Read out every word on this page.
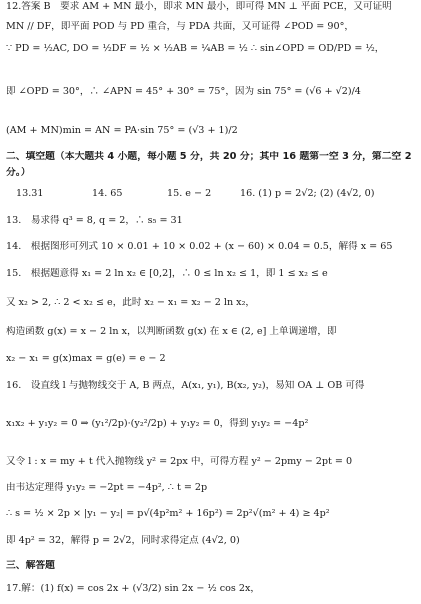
12.答案 B　要求 AM + MN 最小，即求 MN 最小，即可得 MN ⊥ 平面 PCE，又可证明
MN // DF，即平面 POD 与 PD 重合，与 PDA 共面，又可证得 ∠POD = 90°，
∵ PD = ½AC, DO = ½DF = ½ × ½AB = ¼AB = ½ ∴ sin∠OPD = OD/PD = ½，
即 ∠OPD = 30°，∴ ∠APN = 45° + 30° = 75°，因为 sin 75° = (√6 + √2)/4
(AM + MN)min = AN = PA·sin 75° = (√3 + 1)/2
二、填空题（本大题共 4 小题，每小题 5 分，共 20 分；其中 16 题第一空 3 分，第二空 2
分。）
13.31	14. 65	15. e − 2	16. (1) p = 2√2; (2) (4√2, 0)
13.　易求得 q³ = 8, q = 2，∴ s₅ = 31
14.　根据图形可列式 10 × 0.01 + 10 × 0.02 + (x − 60) × 0.04 = 0.5，解得 x = 65
15.　根据题意得 x₁ = 2 ln x₂ ∈ [0,2]，∴ 0 ≤ ln x₂ ≤ 1，即 1 ≤ x₂ ≤ e
又 x₂ > 2, ∴ 2 < x₂ ≤ e，此时 x₂ − x₁ = x₂ − 2 ln x₂，
构造函数 g(x) = x − 2 ln x，以判断函数 g(x) 在 x ∈ (2, e] 上单调递增，即
x₂ − x₁ = g(x)max = g(e) = e − 2
16.　设直线 l 与抛物线交于 A, B 两点，A(x₁, y₁), B(x₂, y₂)，易知 OA ⊥ OB 可得
x₁x₂ + y₁y₂ = 0 ⇒ (y₁²/2p)·(y₂²/2p) + y₁y₂ = 0，得到 y₁y₂ = −4p²
又令 l : x = my + t 代入抛物线 y² = 2px 中，可得方程 y² − 2pmy − 2pt = 0
由韦达定理得 y₁y₂ = −2pt = −4p², ∴ t = 2p
∴ s = ½ × 2p × |y₁ − y₂| = p√(4p²m² + 16p²) = 2p²√(m² + 4) ≥ 4p²
即 4p² = 32，解得 p = 2√2，同时求得定点 (4√2, 0)
三、解答题
17.解：(1) f(x) = cos 2x + (√3/2) sin 2x − ½ cos 2x，
